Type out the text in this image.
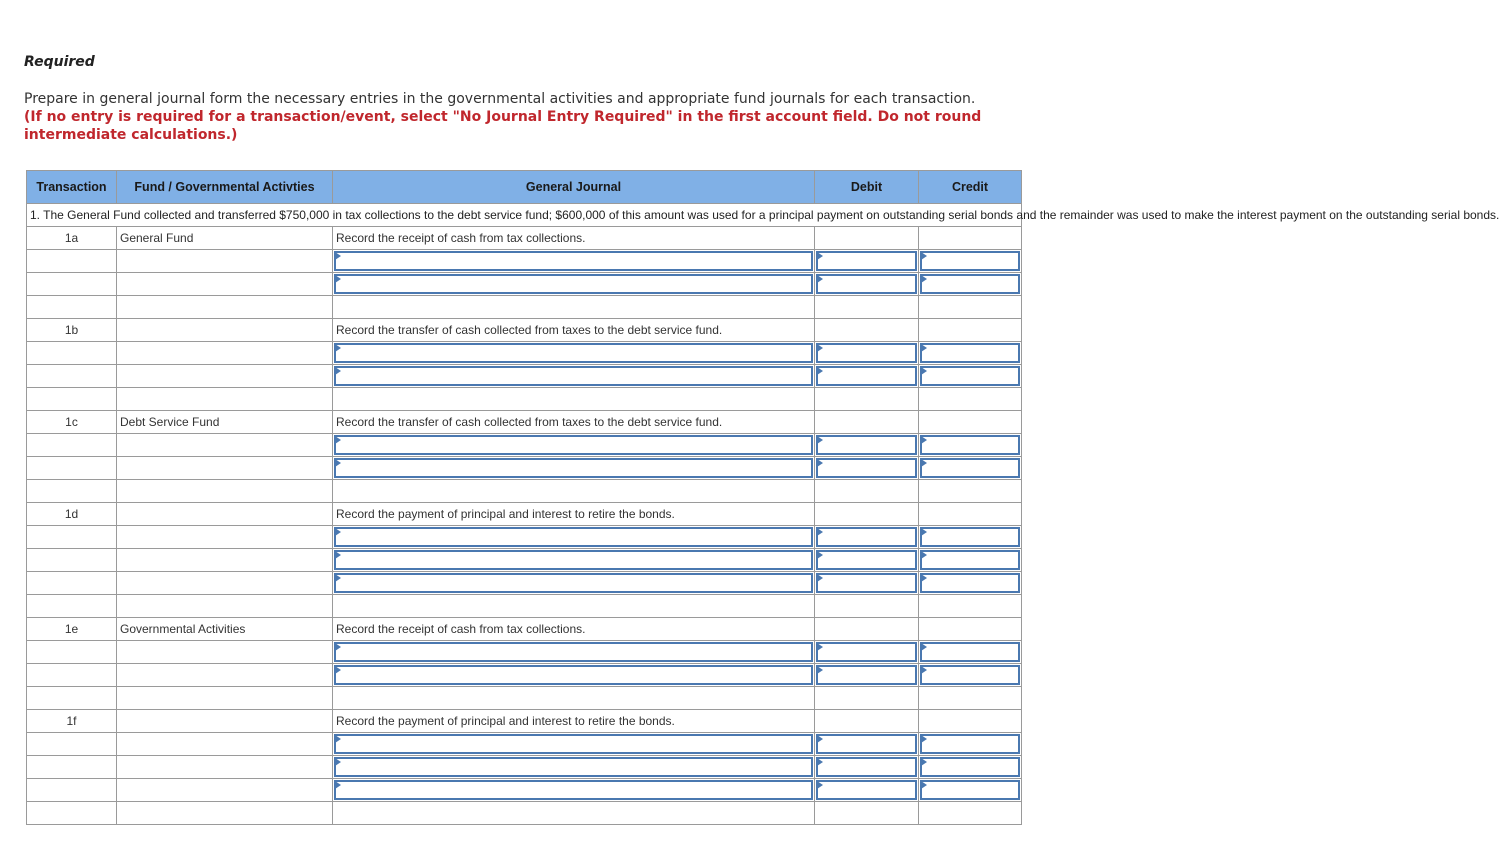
Required
Prepare in general journal form the necessary entries in the governmental activities and appropriate fund journals for each transaction.
(If no entry is required for a transaction/event, select "No Journal Entry Required" in the first account field. Do not round intermediate calculations.)
Transaction	Fund / Governmental Activties	General Journal	Debit	Credit
1. The General Fund collected and transferred $750,000 in tax collections to the debt service fund; $600,000 of this amount was used for a principal payment on outstanding serial bonds and the remainder was used to make the interest payment on the outstanding serial bonds.				
1a	General Fund	Record the receipt of cash from tax collections.		

1b		Record the transfer of cash collected from taxes to the debt service fund.		

1c	Debt Service Fund	Record the transfer of cash collected from taxes to the debt service fund.		

1d		Record the payment of principal and interest to retire the bonds.		

1e	Governmental Activities	Record the receipt of cash from tax collections.		

1f		Record the payment of principal and interest to retire the bonds.		
